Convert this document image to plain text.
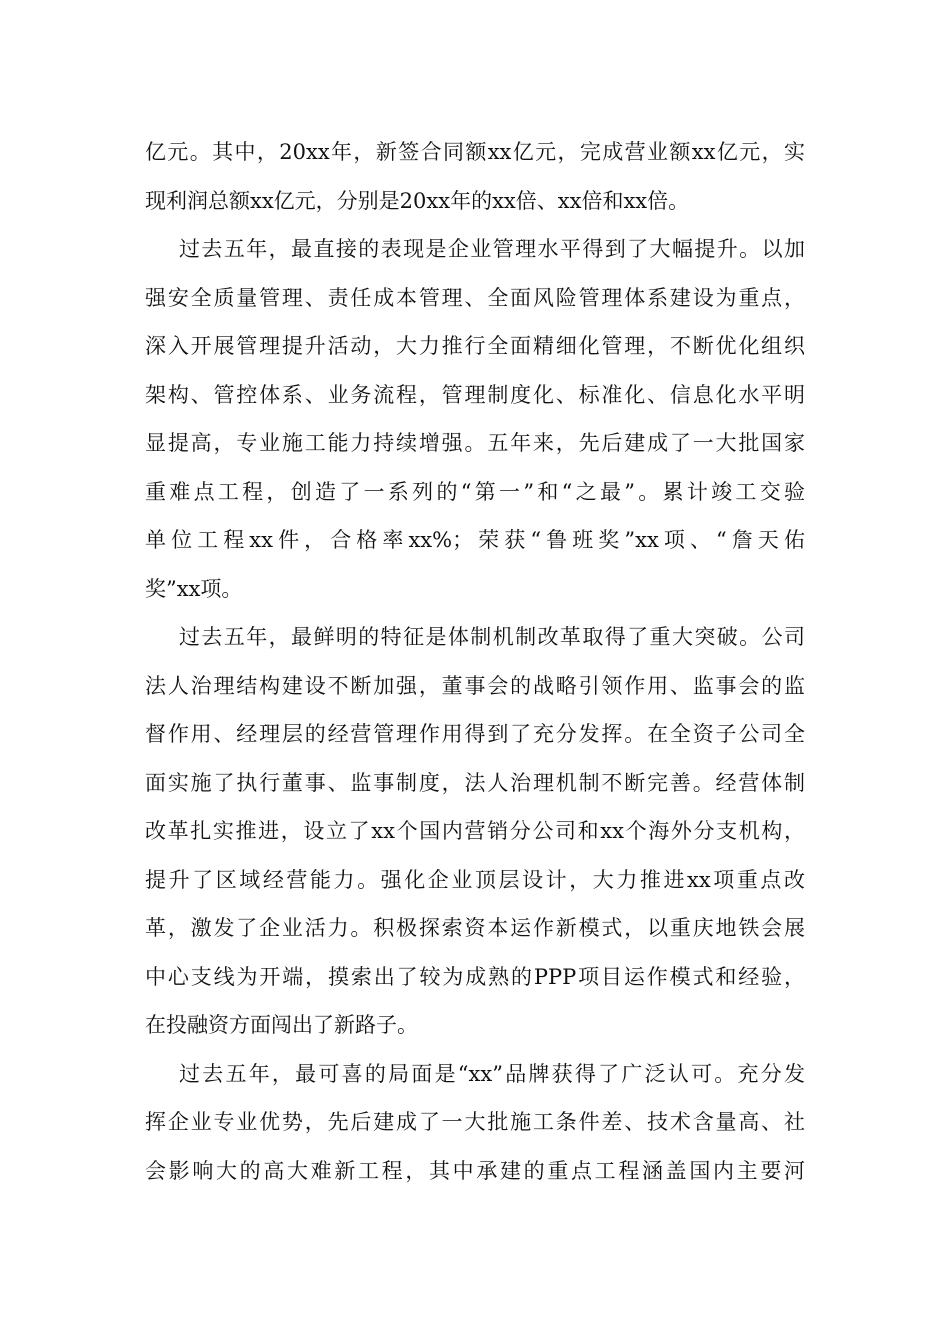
亿元。其中，20xx年，新签合同额xx亿元，完成营业额xx亿元，实
现利润总额xx亿元，分别是20xx年的xx倍、xx倍和xx倍。
过去五年，最直接的表现是企业管理水平得到了大幅提升。以加
强安全质量管理、责任成本管理、全面风险管理体系建设为重点，
深入开展管理提升活动，大力推行全面精细化管理，不断优化组织
架构、管控体系、业务流程，管理制度化、标准化、信息化水平明
显提高，专业施工能力持续增强。五年来，先后建成了一大批国家
重难点工程，创造了一系列的“第一”和“之最”。累计竣工交验
单位工程xx件，合格率xx%；荣获“鲁班奖”xx项、“詹天佑
奖”xx项。
过去五年，最鲜明的特征是体制机制改革取得了重大突破。公司
法人治理结构建设不断加强，董事会的战略引领作用、监事会的监
督作用、经理层的经营管理作用得到了充分发挥。在全资子公司全
面实施了执行董事、监事制度，法人治理机制不断完善。经营体制
改革扎实推进，设立了xx个国内营销分公司和xx个海外分支机构，
提升了区域经营能力。强化企业顶层设计，大力推进xx项重点改
革，激发了企业活力。积极探索资本运作新模式，以重庆地铁会展
中心支线为开端，摸索出了较为成熟的PPP项目运作模式和经验，
在投融资方面闯出了新路子。
过去五年，最可喜的局面是“xx”品牌获得了广泛认可。充分发
挥企业专业优势，先后建成了一大批施工条件差、技术含量高、社
会影响大的高大难新工程，其中承建的重点工程涵盖国内主要河
